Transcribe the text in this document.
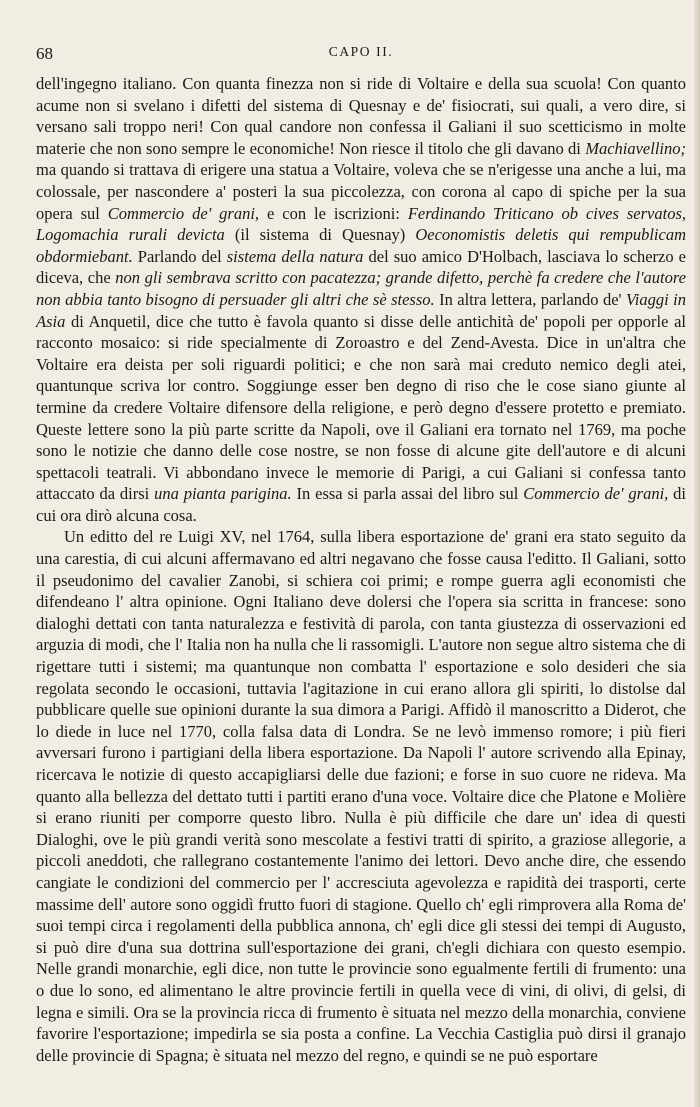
68	CAPO II.

dell'ingegno italiano. Con quanta finezza non si ride di Voltaire e della sua scuola! Con quanto acume non si svelano i difetti del sistema di Quesnay e de' fisiocrati, sui quali, a vero dire, si versano sali troppo neri! Con qual candore non confessa il Galiani il suo scetticismo in molte materie che non sono sempre le economiche! Non riesce il titolo che gli davano di Machiavellino; ma quando si trattava di erigere una statua a Voltaire, voleva che se n'erigesse una anche a lui, ma colossale, per nascondere a' posteri la sua piccolezza, con corona al capo di spiche per la sua opera sul Commercio de' grani, e con le iscrizioni: Ferdinando Triticano ob cives servatos, Logomachia rurali devicta (il sistema di Quesnay) Oeconomistis deletis qui rempublicam obdormiebant. Parlando del sistema della natura del suo amico D'Holbach, lasciava lo scherzo e diceva, che non gli sembrava scritto con pacatezza; grande difetto, perchè fa credere che l'autore non abbia tanto bisogno di persuader gli altri che sè stesso. In altra lettera, parlando de' Viaggi in Asia di Anquetil, dice che tutto è favola quanto si disse delle antichità de' popoli per opporle al racconto mosaico: si ride specialmente di Zoroastro e del Zend-Avesta. Dice in un'altra che Voltaire era deista per soli riguardi politici; e che non sarà mai creduto nemico degli atei, quantunque scriva lor contro. Soggiunge esser ben degno di riso che le cose siano giunte al termine da credere Voltaire difensore della religione, e però degno d'essere protetto e premiato. Queste lettere sono la più parte scritte da Napoli, ove il Galiani era tornato nel 1769, ma poche sono le notizie che danno delle cose nostre, se non fosse di alcune gite dell'autore e di alcuni spettacoli teatrali. Vi abbondano invece le memorie di Parigi, a cui Galiani si confessa tanto attaccato da dirsi una pianta parigina. In essa si parla assai del libro sul Commercio de' grani, di cui ora dirò alcuna cosa.

Un editto del re Luigi XV, nel 1764, sulla libera esportazione de' grani era stato seguito da una carestia, di cui alcuni affermavano ed altri negavano che fosse causa l'editto. Il Galiani, sotto il pseudonimo del cavalier Zanobi, si schiera coi primi; e rompe guerra agli economisti che difendeano l' altra opinione. Ogni Italiano deve dolersi che l'opera sia scritta in francese: sono dialoghi dettati con tanta naturalezza e festività di parola, con tanta giustezza di osservazioni ed arguzia di modi, che l' Italia non ha nulla che li rassomigli. L'autore non segue altro sistema che di rigettare tutti i sistemi; ma quantunque non combatta l' esportazione e solo desideri che sia regolata secondo le occasioni, tuttavia l'agitazione in cui erano allora gli spiriti, lo distolse dal pubblicare quelle sue opinioni durante la sua dimora a Parigi. Affidò il manoscritto a Diderot, che lo diede in luce nel 1770, colla falsa data di Londra. Se ne levò immenso romore; i più fieri avversari furono i partigiani della libera esportazione. Da Napoli l' autore scrivendo alla Epinay, ricercava le notizie di questo accapigliarsi delle due fazioni; e forse in suo cuore ne rideva. Ma quanto alla bellezza del dettato tutti i partiti erano d'una voce. Voltaire dice che Platone e Molière si erano riuniti per comporre questo libro. Nulla è più difficile che dare un' idea di questi Dialoghi, ove le più grandi verità sono mescolate a festivi tratti di spirito, a graziose allegorie, a piccoli aneddoti, che rallegrano costantemente l'animo dei lettori. Devo anche dire, che essendo cangiate le condizioni del commercio per l' accresciuta agevolezza e rapidità dei trasporti, certe massime dell' autore sono oggidì frutto fuori di stagione. Quello ch' egli rimprovera alla Roma de' suoi tempi circa i regolamenti della pubblica annona, ch' egli dice gli stessi dei tempi di Augusto, si può dire d'una sua dottrina sull'esportazione dei grani, ch'egli dichiara con questo esempio. Nelle grandi monarchie, egli dice, non tutte le provincie sono egualmente fertili di frumento: una o due lo sono, ed alimentano le altre provincie fertili in quella vece di vini, di olivi, di gelsi, di legna e simili. Ora se la provincia ricca di frumento è situata nel mezzo della monarchia, conviene favorire l'esportazione; impedirla se sia posta a confine. La Vecchia Castiglia può dirsi il granajo delle provincie di Spagna; è situata nel mezzo del regno, e quindi se ne può esportare
